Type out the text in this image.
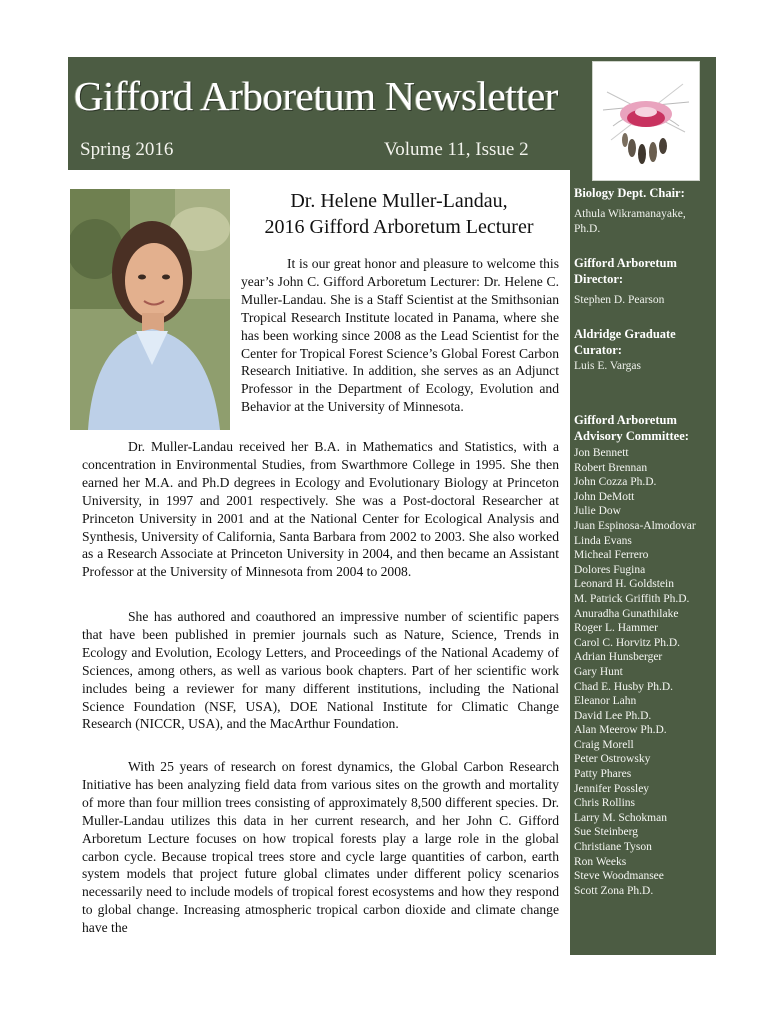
Gifford Arboretum Newsletter
Spring 2016	Volume 11, Issue 2
Biology Dept. Chair:
Athula Wikramanayake, Ph.D.
Gifford Arboretum Director:
Stephen D. Pearson
Aldridge Graduate Curator:
Luis E. Vargas
Gifford Arboretum Advisory Committee:
Jon Bennett
Robert Brennan
John Cozza Ph.D.
John DeMott
Julie Dow
Juan Espinosa-Almodovar
Linda Evans
Micheal Ferrero
Dolores Fugina
Leonard H. Goldstein
M. Patrick Griffith Ph.D.
Anuradha Gunathilake
Roger L. Hammer
Carol C. Horvitz Ph.D.
Adrian Hunsberger
Gary Hunt
Chad E. Husby Ph.D.
Eleanor Lahn
David Lee Ph.D.
Alan Meerow Ph.D.
Craig Morell
Peter Ostrowsky
Patty Phares
Jennifer Possley
Chris Rollins
Larry M. Schokman
Sue Steinberg
Christiane Tyson
Ron Weeks
Steve Woodmansee
Scott Zona Ph.D.
Dr. Helene Muller-Landau,
2016 Gifford Arboretum Lecturer

It is our great honor and pleasure to welcome this year’s John C. Gifford Arboretum Lecturer: Dr. Helene C. Muller-Landau. She is a Staff Scientist at the Smithsonian Tropical Research Institute located in Panama, where she has been working since 2008 as the Lead Scientist for the Center for Tropical Forest Science’s Global Forest Carbon Research Initiative. In addition, she serves as an Adjunct Professor in the Department of Ecology, Evolution and Behavior at the University of Minnesota.

Dr. Muller-Landau received her B.A. in Mathematics and Statistics, with a concentration in Environmental Studies, from Swarthmore College in 1995. She then earned her M.A. and Ph.D degrees in Ecology and Evolutionary Biology at Princeton University, in 1997 and 2001 respectively. She was a Post-doctoral Researcher at Princeton University in 2001 and at the National Center for Ecological Analysis and Synthesis, University of California, Santa Barbara from 2002 to 2003. She also worked as a Research Associate at Princeton University in 2004, and then became an Assistant Professor at the University of Minnesota from 2004 to 2008.

She has authored and coauthored an impressive number of scientific papers that have been published in premier journals such as Nature, Science, Trends in Ecology and Evolution, Ecology Letters, and Proceedings of the National Academy of Sciences, among others, as well as various book chapters. Part of her scientific work includes being a reviewer for many different institutions, including the National Science Foundation (NSF, USA), DOE National Institute for Climatic Change Research (NICCR, USA), and the MacArthur Foundation.

With 25 years of research on forest dynamics, the Global Carbon Research Initiative has been analyzing field data from various sites on the growth and mortality of more than four million trees consisting of approximately 8,500 different species. Dr. Muller-Landau utilizes this data in her current research, and her John C. Gifford Arboretum Lecture focuses on how tropical forests play a large role in the global carbon cycle. Because tropical trees store and cycle large quantities of carbon, earth system models that project future global climates under different policy scenarios necessarily need to include models of tropical forest ecosystems and how they respond to global change. Increasing atmospheric tropical carbon dioxide and climate change have the
